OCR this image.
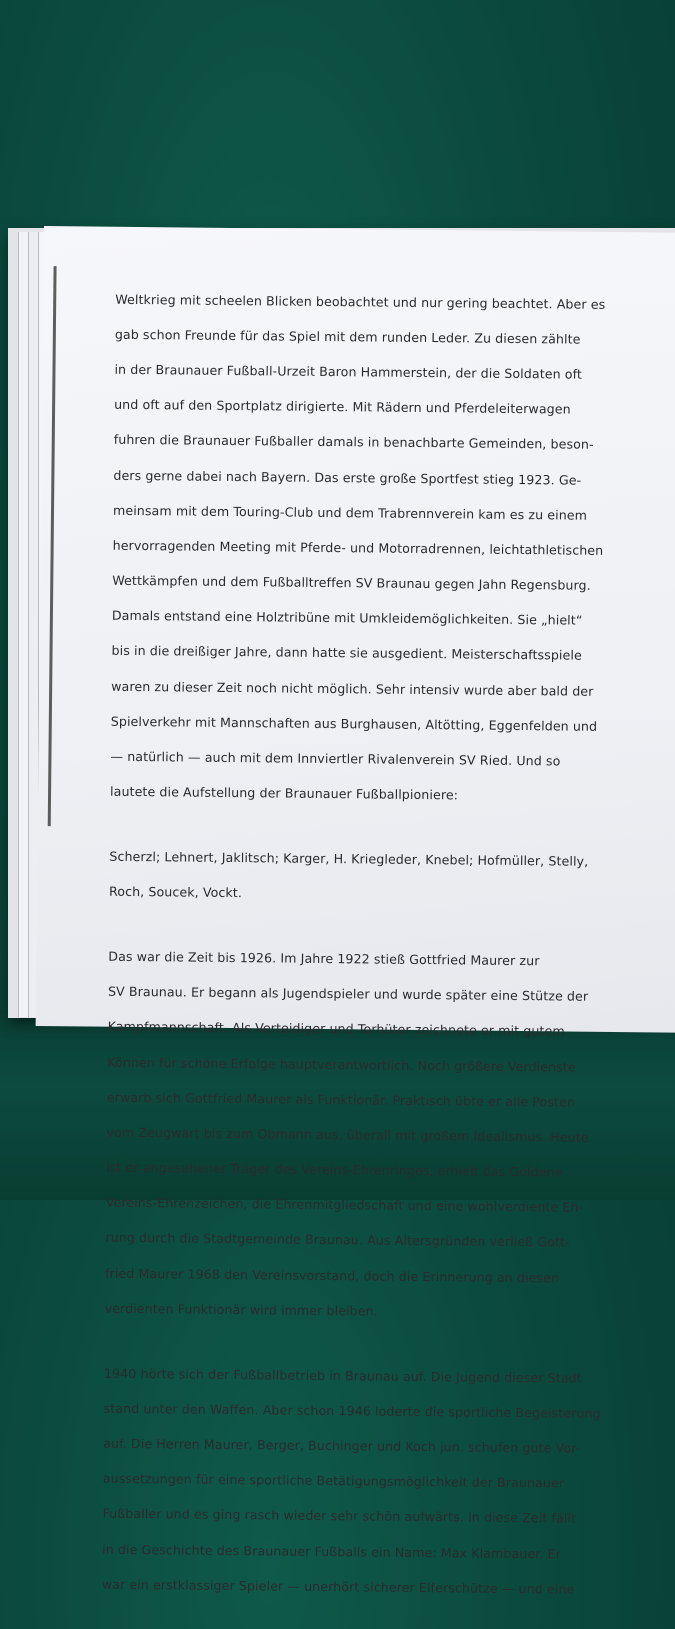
Weltkrieg mit scheelen Blicken beobachtet und nur gering beachtet. Aber es

gab schon Freunde für das Spiel mit dem runden Leder. Zu diesen zählte

in der Braunauer Fußball-Urzeit Baron Hammerstein, der die Soldaten oft

und oft auf den Sportplatz dirigierte. Mit Rädern und Pferdeleiterwagen

fuhren die Braunauer Fußballer damals in benachbarte Gemeinden, beson-

ders gerne dabei nach Bayern. Das erste große Sportfest stieg 1923. Ge-

meinsam mit dem Touring-Club und dem Trabrennverein kam es zu einem

hervorragenden Meeting mit Pferde- und Motorradrennen, leichtathletischen

Wettkämpfen und dem Fußballtreffen SV Braunau gegen Jahn Regensburg.

Damals entstand eine Holztribüne mit Umkleidemöglichkeiten. Sie „hielt“

bis in die dreißiger Jahre, dann hatte sie ausgedient. Meisterschaftsspiele

waren zu dieser Zeit noch nicht möglich. Sehr intensiv wurde aber bald der

Spielverkehr mit Mannschaften aus Burghausen, Altötting, Eggenfelden und

— natürlich — auch mit dem Innviertler Rivalenverein SV Ried. Und so

lautete die Aufstellung der Braunauer Fußballpioniere:

Scherzl; Lehnert, Jaklitsch; Karger, H. Kriegleder, Knebel; Hofmüller, Stelly,

Roch, Soucek, Vockt.

Das war die Zeit bis 1926. Im Jahre 1922 stieß Gottfried Maurer zur

SV Braunau. Er begann als Jugendspieler und wurde später eine Stütze der

Kampfmannschaft. Als Verteidiger und Torhüter zeichnete er mit gutem

Können für schöne Erfolge hauptverantwortlich. Noch größere Verdienste

erwarb sich Gottfried Maurer als Funktionär. Praktisch übte er alle Posten

vom Zeugwart bis zum Obmann aus, überall mit großem Idealismus. Heute

ist er angesehener Träger des Vereins-Ehrenringes, erhielt das Goldene

Vereins-Ehrenzeichen, die Ehrenmitgliedschaft und eine wohlverdiente Eh-

rung durch die Stadtgemeinde Braunau. Aus Altersgründen verließ Gott-

fried Maurer 1968 den Vereinsvorstand, doch die Erinnerung an diesen

verdienten Funktionär wird immer bleiben.

1940 hörte sich der Fußballbetrieb in Braunau auf. Die Jugend dieser Stadt

stand unter den Waffen. Aber schon 1946 loderte die sportliche Begeisterung

auf. Die Herren Maurer, Berger, Buchinger und Koch jun. schufen gute Vor-

aussetzungen für eine sportliche Betätigungsmöglichkeit der Braunauer

Fußballer und es ging rasch wieder sehr schön aufwärts. In diese Zeit fällt

in die Geschichte des Braunauer Fußballs ein Name: Max Klambauer. Er

war ein erstklassiger Spieler — unerhört sicherer Elferschütze — und eine
